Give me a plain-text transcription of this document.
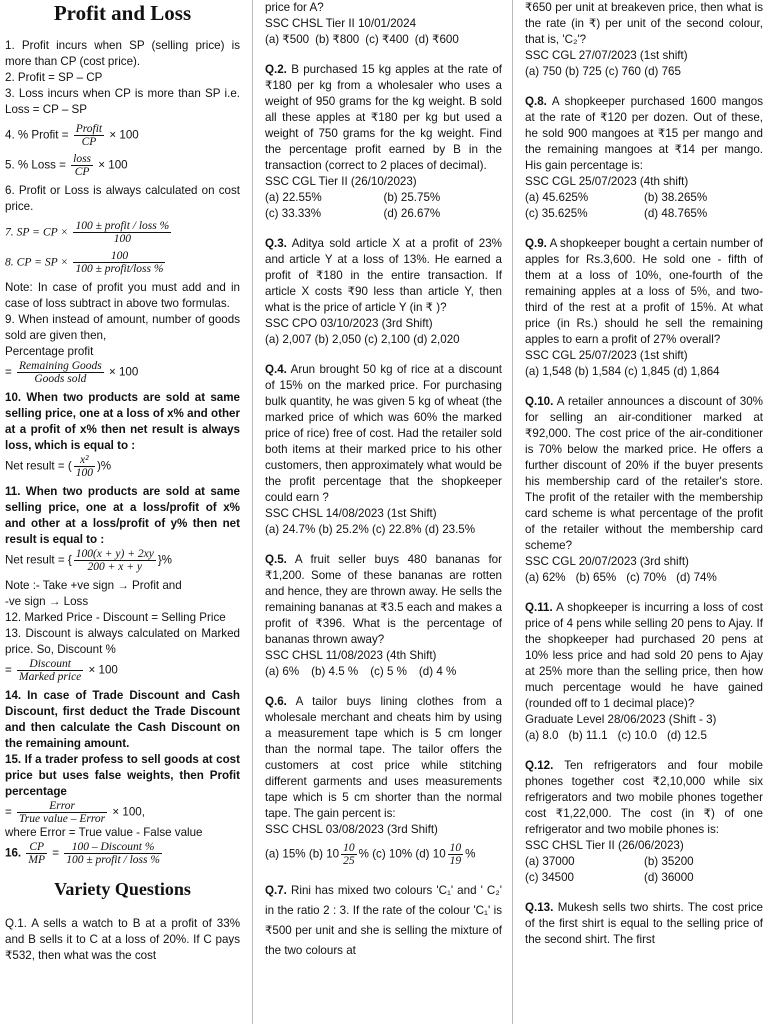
Profit and Loss

1. Profit incurs when SP (selling price) is more than CP (cost price).

2. Profit = SP – CP

3. Loss incurs when CP is more than SP i.e. Loss = CP – SP

4. % Profit = $\frac{\text{Profit}}{CP} \times 100$

5. % Loss = $\frac{\text{loss}}{CP} \times 100$

6. Profit or Loss is always calculated on cost price.

7. SP = CP × $\frac{\text{100 ± profit / loss \%}}{100}$

8. CP = SP × $\frac{100}{\text{100 ± profit/loss \%}}$

Note: In case of profit you must add and in case of loss subtract in above two formulas.

9. When instead of amount, number of goods sold are given then,

Percentage profit

= $\frac{\text{Remaining Goods}}{\text{Goods sold}} \times 100$

10. When two products are sold at same selling price, one at a loss of x% and other at a profit of x% then net result is always loss, which is equal to :

Net result = ( $\frac{\text{x²}}{100}$ )%

11. When two products are sold at same selling price, one at a loss/profit of x% and other at a loss/profit of y% then net result is equal to :

Net result = { $\frac{100(x + y) + 2xy}{200 + x + y}$ }%

Note :- Take +ve sign → Profit and

-ve sign → Loss

12. Marked Price - Discount = Selling Price

13. Discount is always calculated on Marked price. So, Discount %

= $\frac{\text{Discount}}{\text{Marked price}} \times 100$

14. In case of Trade Discount and Cash Discount, first deduct the Trade Discount and then calculate the Cash Discount on the remaining amount.

15. If a trader profess to sell goods at cost price but uses false weights, then Profit percentage

= $\frac{\text{Error}}{\text{True value – Error}} \times 100$,

where Error = True value - False value

16. $\frac{CP}{MP} = \frac{\text{100 – Discount \%}}{\text{100 ± profit / loss \%}}$

Variety Questions

Q.1. A sells a watch to B at a profit of 33% and B sells it to C at a loss of 20%. If C pays ₹532, then what was the cost

price for A?

SSC CHSL Tier II 10/01/2024

(a) ₹500 (b) ₹800 (c) ₹400 (d) ₹600

Q.2. B purchased 15 kg apples at the rate of ₹180 per kg from a wholesaler who uses a weight of 950 grams for the kg weight. B sold all these apples at ₹180 per kg but used a weight of 750 grams for the kg weight. Find the percentage profit earned by B in the transaction (correct to 2 places of decimal).

SSC CGL Tier II (26/10/2023)

(a) 22.55%	(b) 25.75%
(c) 33.33%	(d) 26.67%

Q.3. Aditya sold article X at a profit of 23% and article Y at a loss of 13%. He earned a profit of ₹180 in the entire transaction. If article X costs ₹90 less than article Y, then what is the price of article Y (in ₹ )?

SSC CPO 03/10/2023 (3rd Shift)

(a) 2,007 (b) 2,050 (c) 2,100 (d) 2,020

Q.4. Arun brought 50 kg of rice at a discount of 15% on the marked price. For purchasing bulk quantity, he was given 5 kg of wheat (the marked price of which was 60% the marked price of rice) free of cost. Had the retailer sold both items at their marked price to his other customers, then approximately what would be the profit percentage that the shopkeeper could earn ?

SSC CHSL 14/08/2023 (1st Shift)

(a) 24.7% (b) 25.2% (c) 22.8% (d) 23.5%

Q.5. A fruit seller buys 480 bananas for ₹1,200. Some of these bananas are rotten and hence, they are thrown away. He sells the remaining bananas at ₹3.5 each and makes a profit of ₹396. What is the percentage of bananas thrown away?

SSC CHSL 11/08/2023 (4th Shift)

(a) 6% (b) 4.5 % (c) 5 % (d) 4 %

Q.6. A tailor buys lining clothes from a wholesale merchant and cheats him by using a measurement tape which is 5 cm longer than the normal tape. The tailor offers the customers at cost price while stitching different garments and uses measurements tape which is 5 cm shorter than the normal tape. The gain percent is:

SSC CHSL 03/08/2023 (3rd Shift)

(a) 15% (b) $10 \frac{10}{25}$ % (c) 10% (d) $10 \frac{10}{19}$ %

Q.7. Rini has mixed two colours 'C₁' and ' C₂' in the ratio 2 : 3. If the rate of the colour 'C₁' is ₹500 per unit and she is selling the mixture of the two colours at

₹650 per unit at breakeven price, then what is the rate (in ₹) per unit of the second colour, that is, 'C₂'?

SSC CGL 27/07/2023 (1st shift)

(a) 750 (b) 725 (c) 760 (d) 765

Q.8. A shopkeeper purchased 1600 mangos at the rate of ₹120 per dozen. Out of these, he sold 900 mangoes at ₹15 per mango and the remaining mangoes at ₹14 per mango. His gain percentage is:

SSC CGL 25/07/2023 (4th shift)

(a) 45.625%	(b) 38.265%
(c) 35.625%	(d) 48.765%

Q.9. A shopkeeper bought a certain number of apples for Rs.3,600. He sold one - fifth of them at a loss of 10%, one-fourth of the remaining apples at a loss of 5%, and two-third of the rest at a profit of 15%. At what price (in Rs.) should he sell the remaining apples to earn a profit of 27% overall?

SSC CGL 25/07/2023 (1st shift)

(a) 1,548 (b) 1,584 (c) 1,845 (d) 1,864

Q.10. A retailer announces a discount of 30% for selling an air-conditioner marked at ₹92,000. The cost price of the air-conditioner is 70% below the marked price. He offers a further discount of 20% if the buyer presents his membership card of the retailer's store. The profit of the retailer with the membership card scheme is what percentage of the profit of the retailer without the membership card scheme?

SSC CGL 20/07/2023 (3rd shift)

(a) 62% (b) 65% (c) 70% (d) 74%

Q.11. A shopkeeper is incurring a loss of cost price of 4 pens while selling 20 pens to Ajay. If the shopkeeper had purchased 20 pens at 10% less price and had sold 20 pens to Ajay at 25% more than the selling price, then how much percentage would he have gained (rounded off to 1 decimal place)?

Graduate Level 28/06/2023 (Shift - 3)

(a) 8.0 (b) 11.1 (c) 10.0 (d) 12.5

Q.12. Ten refrigerators and four mobile phones together cost ₹2,10,000 while six refrigerators and two mobile phones together cost ₹1,22,000. The cost (in ₹) of one refrigerator and two mobile phones is:

SSC CHSL Tier II (26/06/2023)

(a) 37000	(b) 35200
(c) 34500	(d) 36000

Q.13. Mukesh sells two shirts. The cost price of the first shirt is equal to the selling price of the second shirt. The first
